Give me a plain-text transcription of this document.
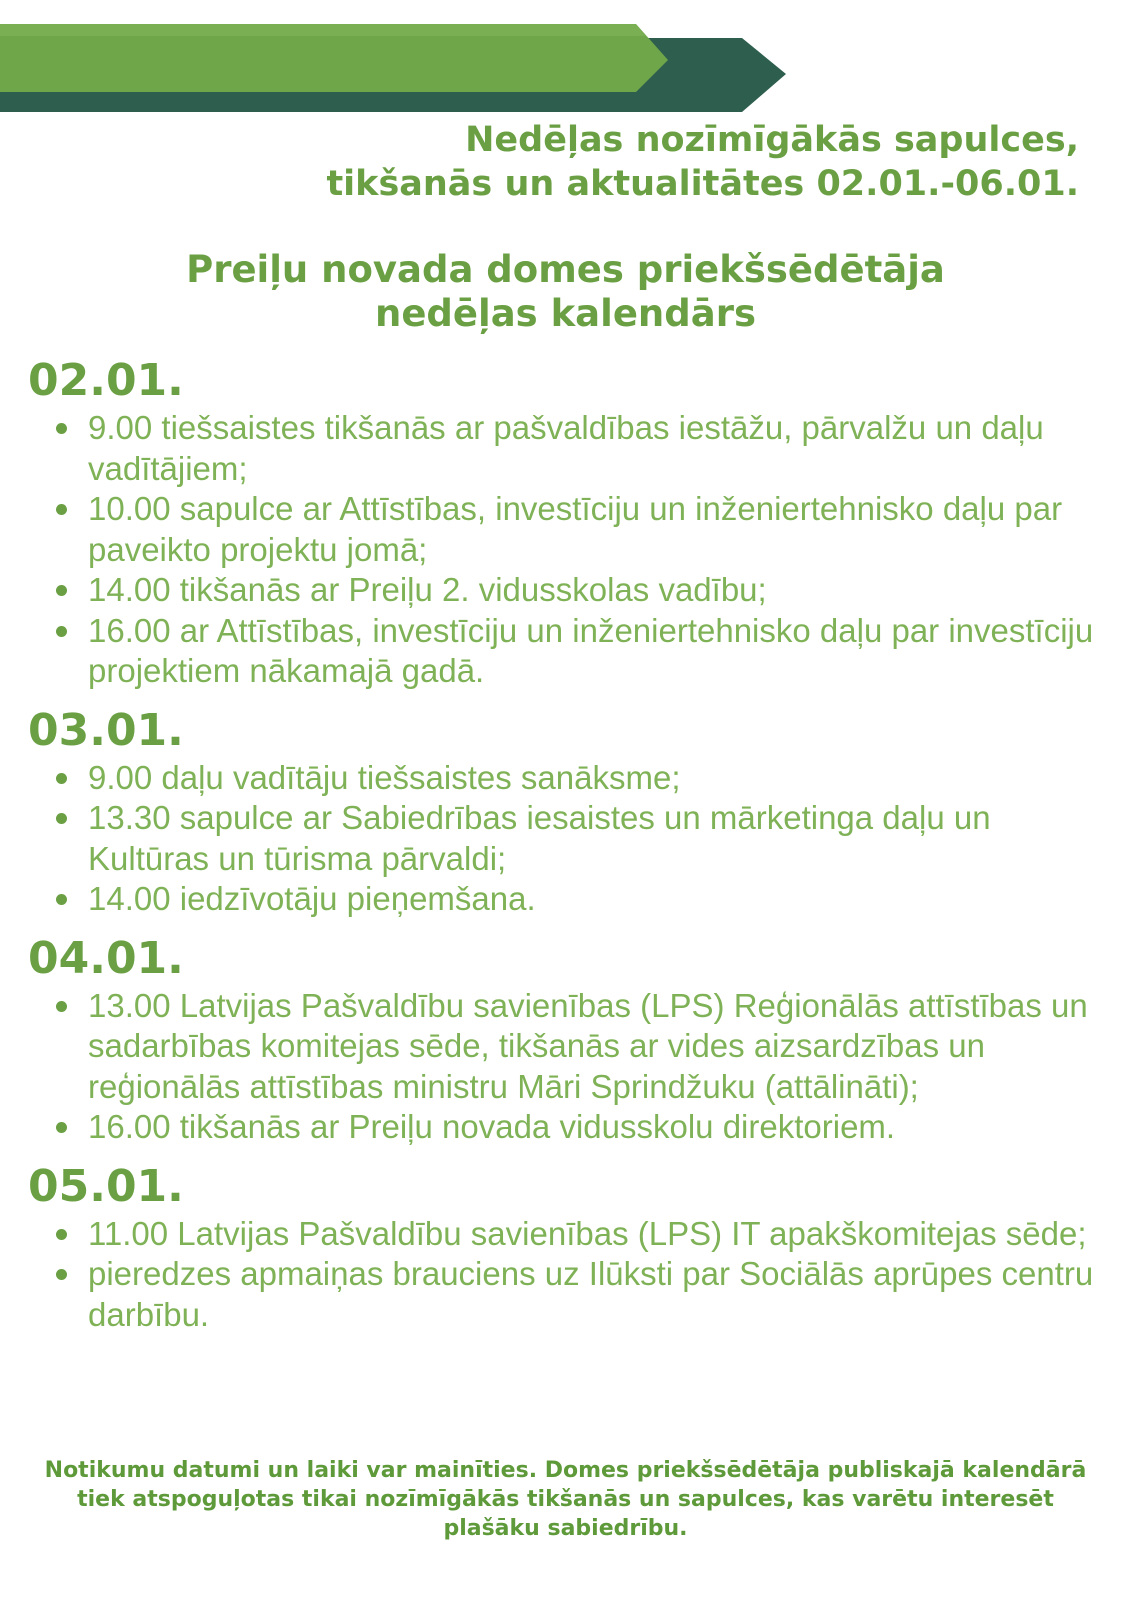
Nedēļas nozīmīgākās sapulces,
tikšanās un aktualitātes 02.01.-06.01.
Preiļu novada domes priekšsēdētāja
nedēļas kalendārs
02.01.
9.00 tiešsaistes tikšanās ar pašvaldības iestāžu, pārvalžu un daļu vadītājiem;
10.00 sapulce ar Attīstības, investīciju un inženiertehnisko daļu par paveikto projektu jomā;
14.00 tikšanās ar Preiļu 2. vidusskolas vadību;
16.00 ar Attīstības, investīciju un inženiertehnisko daļu par investīciju projektiem nākamajā gadā.
03.01.
9.00 daļu vadītāju tiešsaistes sanāksme;
13.30 sapulce ar Sabiedrības iesaistes un mārketinga daļu un Kultūras un tūrisma pārvaldi;
14.00 iedzīvotāju pieņemšana.
04.01.
13.00 Latvijas Pašvaldību savienības (LPS) Reģionālās attīstības un sadarbības komitejas sēde, tikšanās ar vides aizsardzības un reģionālās attīstības ministru Māri Sprindžuku (attālināti);
16.00 tikšanās ar Preiļu novada vidusskolu direktoriem.
05.01.
11.00 Latvijas Pašvaldību savienības (LPS) IT apakškomitejas sēde;
pieredzes apmaiņas brauciens uz Ilūksti par Sociālās aprūpes centru darbību.
Notikumu datumi un laiki var mainīties. Domes priekšsēdētāja publiskajā kalendārā tiek atspoguļotas tikai nozīmīgākās tikšanās un sapulces, kas varētu interesēt plašāku sabiedrību.
